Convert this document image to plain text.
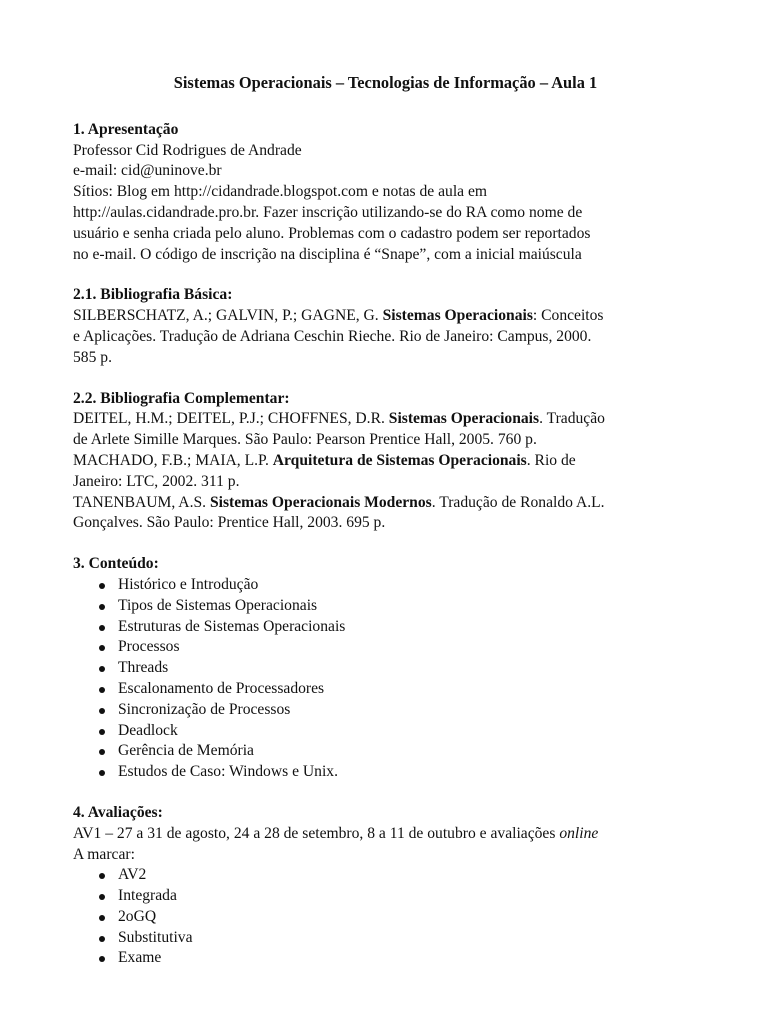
Sistemas Operacionais – Tecnologias de Informação – Aula 1
1. Apresentação
Professor Cid Rodrigues de Andrade
e-mail: cid@uninove.br
Sítios: Blog em http://cidandrade.blogspot.com e notas de aula em
http://aulas.cidandrade.pro.br. Fazer inscrição utilizando-se do RA como nome de
usuário e senha criada pelo aluno. Problemas com o cadastro podem ser reportados
no e-mail. O código de inscrição na disciplina é “Snape”, com a inicial maiúscula
2.1. Bibliografia Básica:
SILBERSCHATZ, A.; GALVIN, P.; GAGNE, G. Sistemas Operacionais: Conceitos
e Aplicações. Tradução de Adriana Ceschin Rieche. Rio de Janeiro: Campus, 2000.
585 p.
2.2. Bibliografia Complementar:
DEITEL, H.M.; DEITEL, P.J.; CHOFFNES, D.R. Sistemas Operacionais. Tradução
de Arlete Simille Marques. São Paulo: Pearson Prentice Hall, 2005. 760 p.
MACHADO, F.B.; MAIA, L.P. Arquitetura de Sistemas Operacionais. Rio de
Janeiro: LTC, 2002. 311 p.
TANENBAUM, A.S. Sistemas Operacionais Modernos. Tradução de Ronaldo A.L.
Gonçalves. São Paulo: Prentice Hall, 2003. 695 p.
3. Conteúdo:
Histórico e Introdução
Tipos de Sistemas Operacionais
Estruturas de Sistemas Operacionais
Processos
Threads
Escalonamento de Processadores
Sincronização de Processos
Deadlock
Gerência de Memória
Estudos de Caso: Windows e Unix.
4. Avaliações:
AV1 – 27 a 31 de agosto, 24 a 28 de setembro, 8 a 11 de outubro e avaliações online
A marcar:
AV2
Integrada
2oGQ
Substitutiva
Exame
